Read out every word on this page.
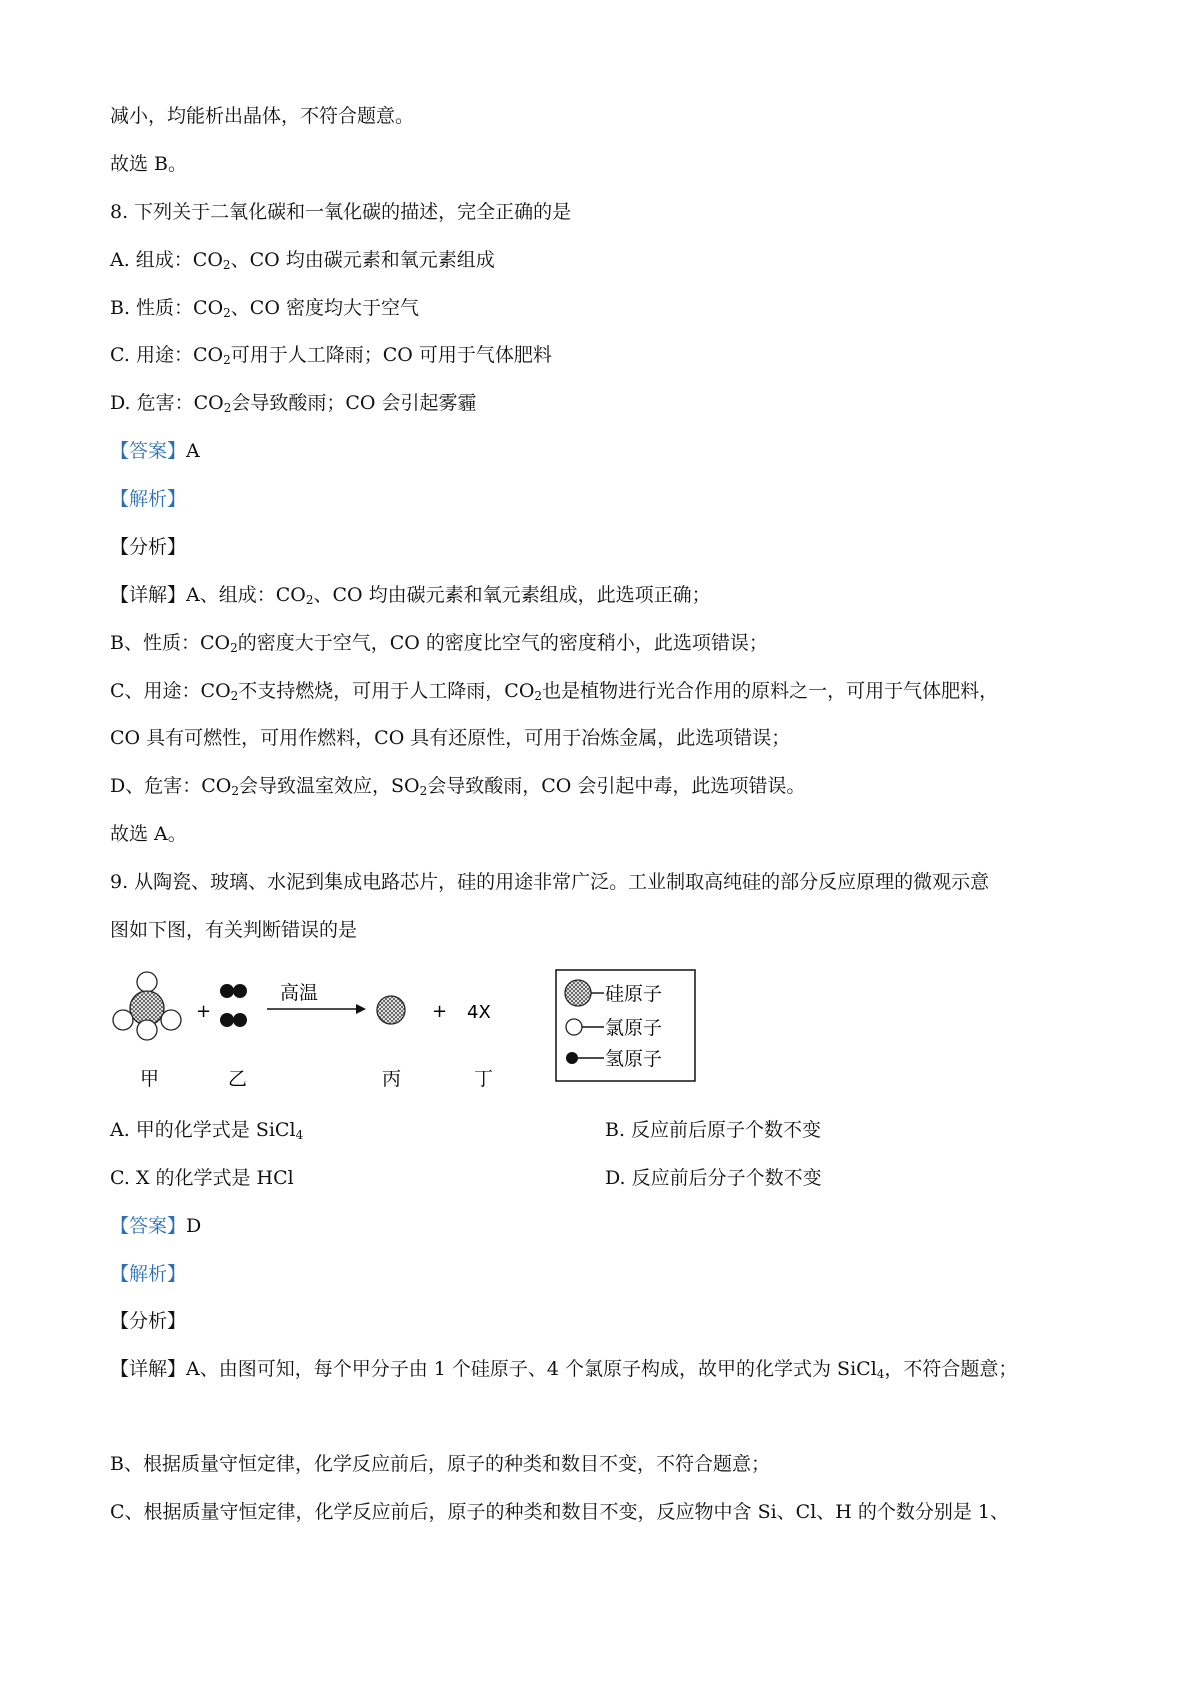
减小，均能析出晶体，不符合题意。
故选 B。
8. 下列关于二氧化碳和一氧化碳的描述，完全正确的是
A. 组成：$CO_2$、CO 均由碳元素和氧元素组成
B. 性质：$CO_2$、CO 密度均大于空气
C. 用途：$CO_2$可用于人工降雨；CO 可用于气体肥料
D. 危害：$CO_2$会导致酸雨；CO 会引起雾霾
【答案】A
【解析】
【分析】
【详解】A、组成：$CO_2$、CO 均由碳元素和氧元素组成，此选项正确；
B、性质：$CO_2$的密度大于空气，CO 的密度比空气的密度稍小，此选项错误；
C、用途：$CO_2$不支持燃烧，可用于人工降雨，$CO_2$也是植物进行光合作用的原料之一，可用于气体肥料，
CO 具有可燃性，可用作燃料，CO 具有还原性，可用于冶炼金属，此选项错误；
D、危害：$CO_2$会导致温室效应，$SO_2$会导致酸雨，CO 会引起中毒，此选项错误。
故选 A。
9. 从陶瓷、玻璃、水泥到集成电路芯片，硅的用途非常广泛。工业制取高纯硅的部分反应原理的微观示意
图如下图，有关判断错误的是
+
高温
+ 4X
甲	乙	丙	丁
硅原子
氯原子
氢原子
A. 甲的化学式是 SiCl$_4$	B. 反应前后原子个数不变
C. X 的化学式是 HCl	D. 反应前后分子个数不变
【答案】D
【解析】
【分析】
【详解】A、由图可知，每个甲分子由 1 个硅原子、4 个氯原子构成，故甲的化学式为 SiCl$_4$，不符合题意；
B、根据质量守恒定律，化学反应前后，原子的种类和数目不变，不符合题意；
C、根据质量守恒定律，化学反应前后，原子的种类和数目不变，反应物中含 Si、Cl、H 的个数分别是 1、
